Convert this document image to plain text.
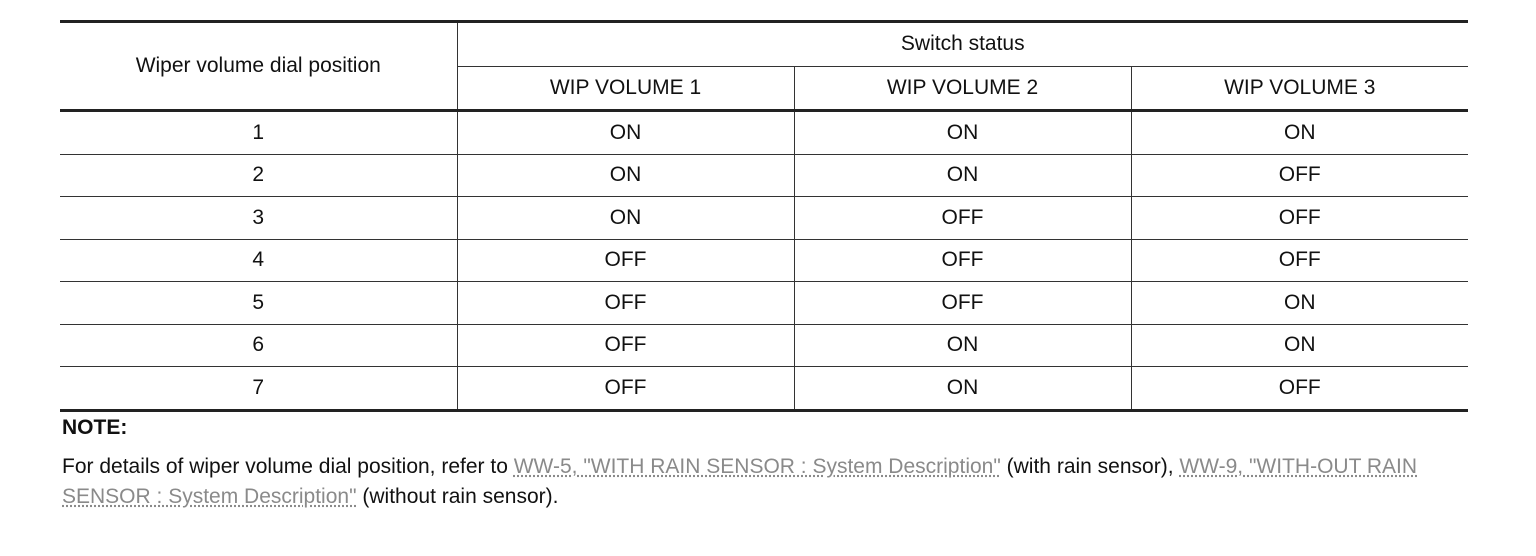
Wiper volume dial position	Switch status		
	WIP VOLUME 1	WIP VOLUME 2	WIP VOLUME 3
1	ON	ON	ON
2	ON	ON	OFF
3	ON	OFF	OFF
4	OFF	OFF	OFF
5	OFF	OFF	ON
6	OFF	ON	ON
7	OFF	ON	OFF

NOTE:

For details of wiper volume dial position, refer to WW-5, "WITH RAIN SENSOR : System Description" (with rain sensor), WW-9, "WITH-OUT RAIN SENSOR : System Description" (without rain sensor).
